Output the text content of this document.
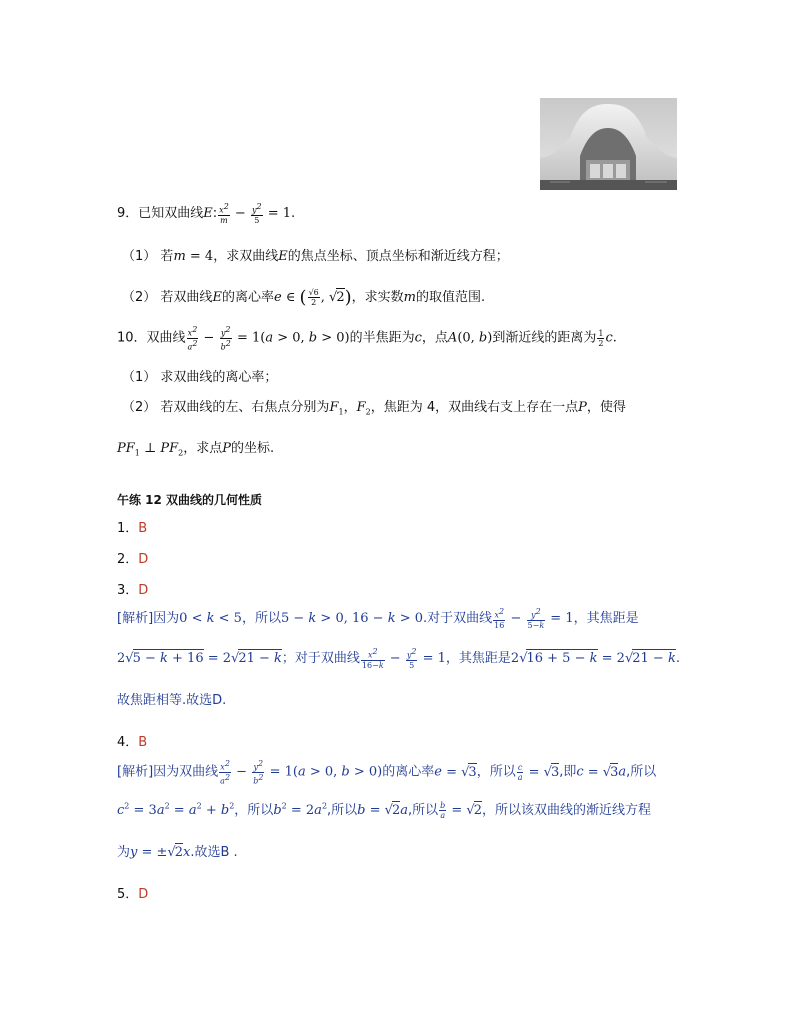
9．已知双曲线E: $\frac{x^2}{m} - \frac{y^2}{5} = 1$.
（1） 若m = 4，求双曲线E的焦点坐标、顶点坐标和渐近线方程；
（2） 若双曲线E的离心率e ∈ ( $\frac{√6}{2}$ , √2)，求实数m的取值范围.
10．双曲线 $\frac{x^2}{a^2} - \frac{y^2}{b^2} = 1(a > 0$, b > 0)的半焦距为c，点A(0, b)到渐近线的距离为 $\frac{1}{2} c$.
（1） 求双曲线的离心率；
（2） 若双曲线的左、右焦点分别为$F_1$，$F_2$，焦距为 4，双曲线右支上存在一点P，使得
$PF_1$ ⊥ $PF_2$，求点P的坐标.
午练 12 双曲线的几何性质
1．B
2．D
3．D
[解析]因为0 < k < 5，所以5 − k > 0, 16 − k > 0.对于双曲线 $\frac{x^2}{16} - \frac{y^2}{5-k} = 1$，其焦距是
2√5 − k + 16 = 2√21 − k；对于双曲线 $\frac{x^2}{16-k} - \frac{y^2}{5} = 1$，其焦距是2√16 + 5 − k = 2√21 − k.
故焦距相等.故选D.
4．B
[解析]因为双曲线 $\frac{x^2}{a^2} - \frac{y^2}{b^2} = 1(a > 0$, b > 0)的离心率e = √3，所以 $\frac{c}{a} = √3$,即c = √3a,所以
$c^2 = 3a^2 = a^2 + b^2$，所以$b^2 = 2a^2$,所以b = √2a,所以 $\frac{b}{a} = √2$，所以该双曲线的渐近线方程
为y = ±√2x.故选B .
5．D
